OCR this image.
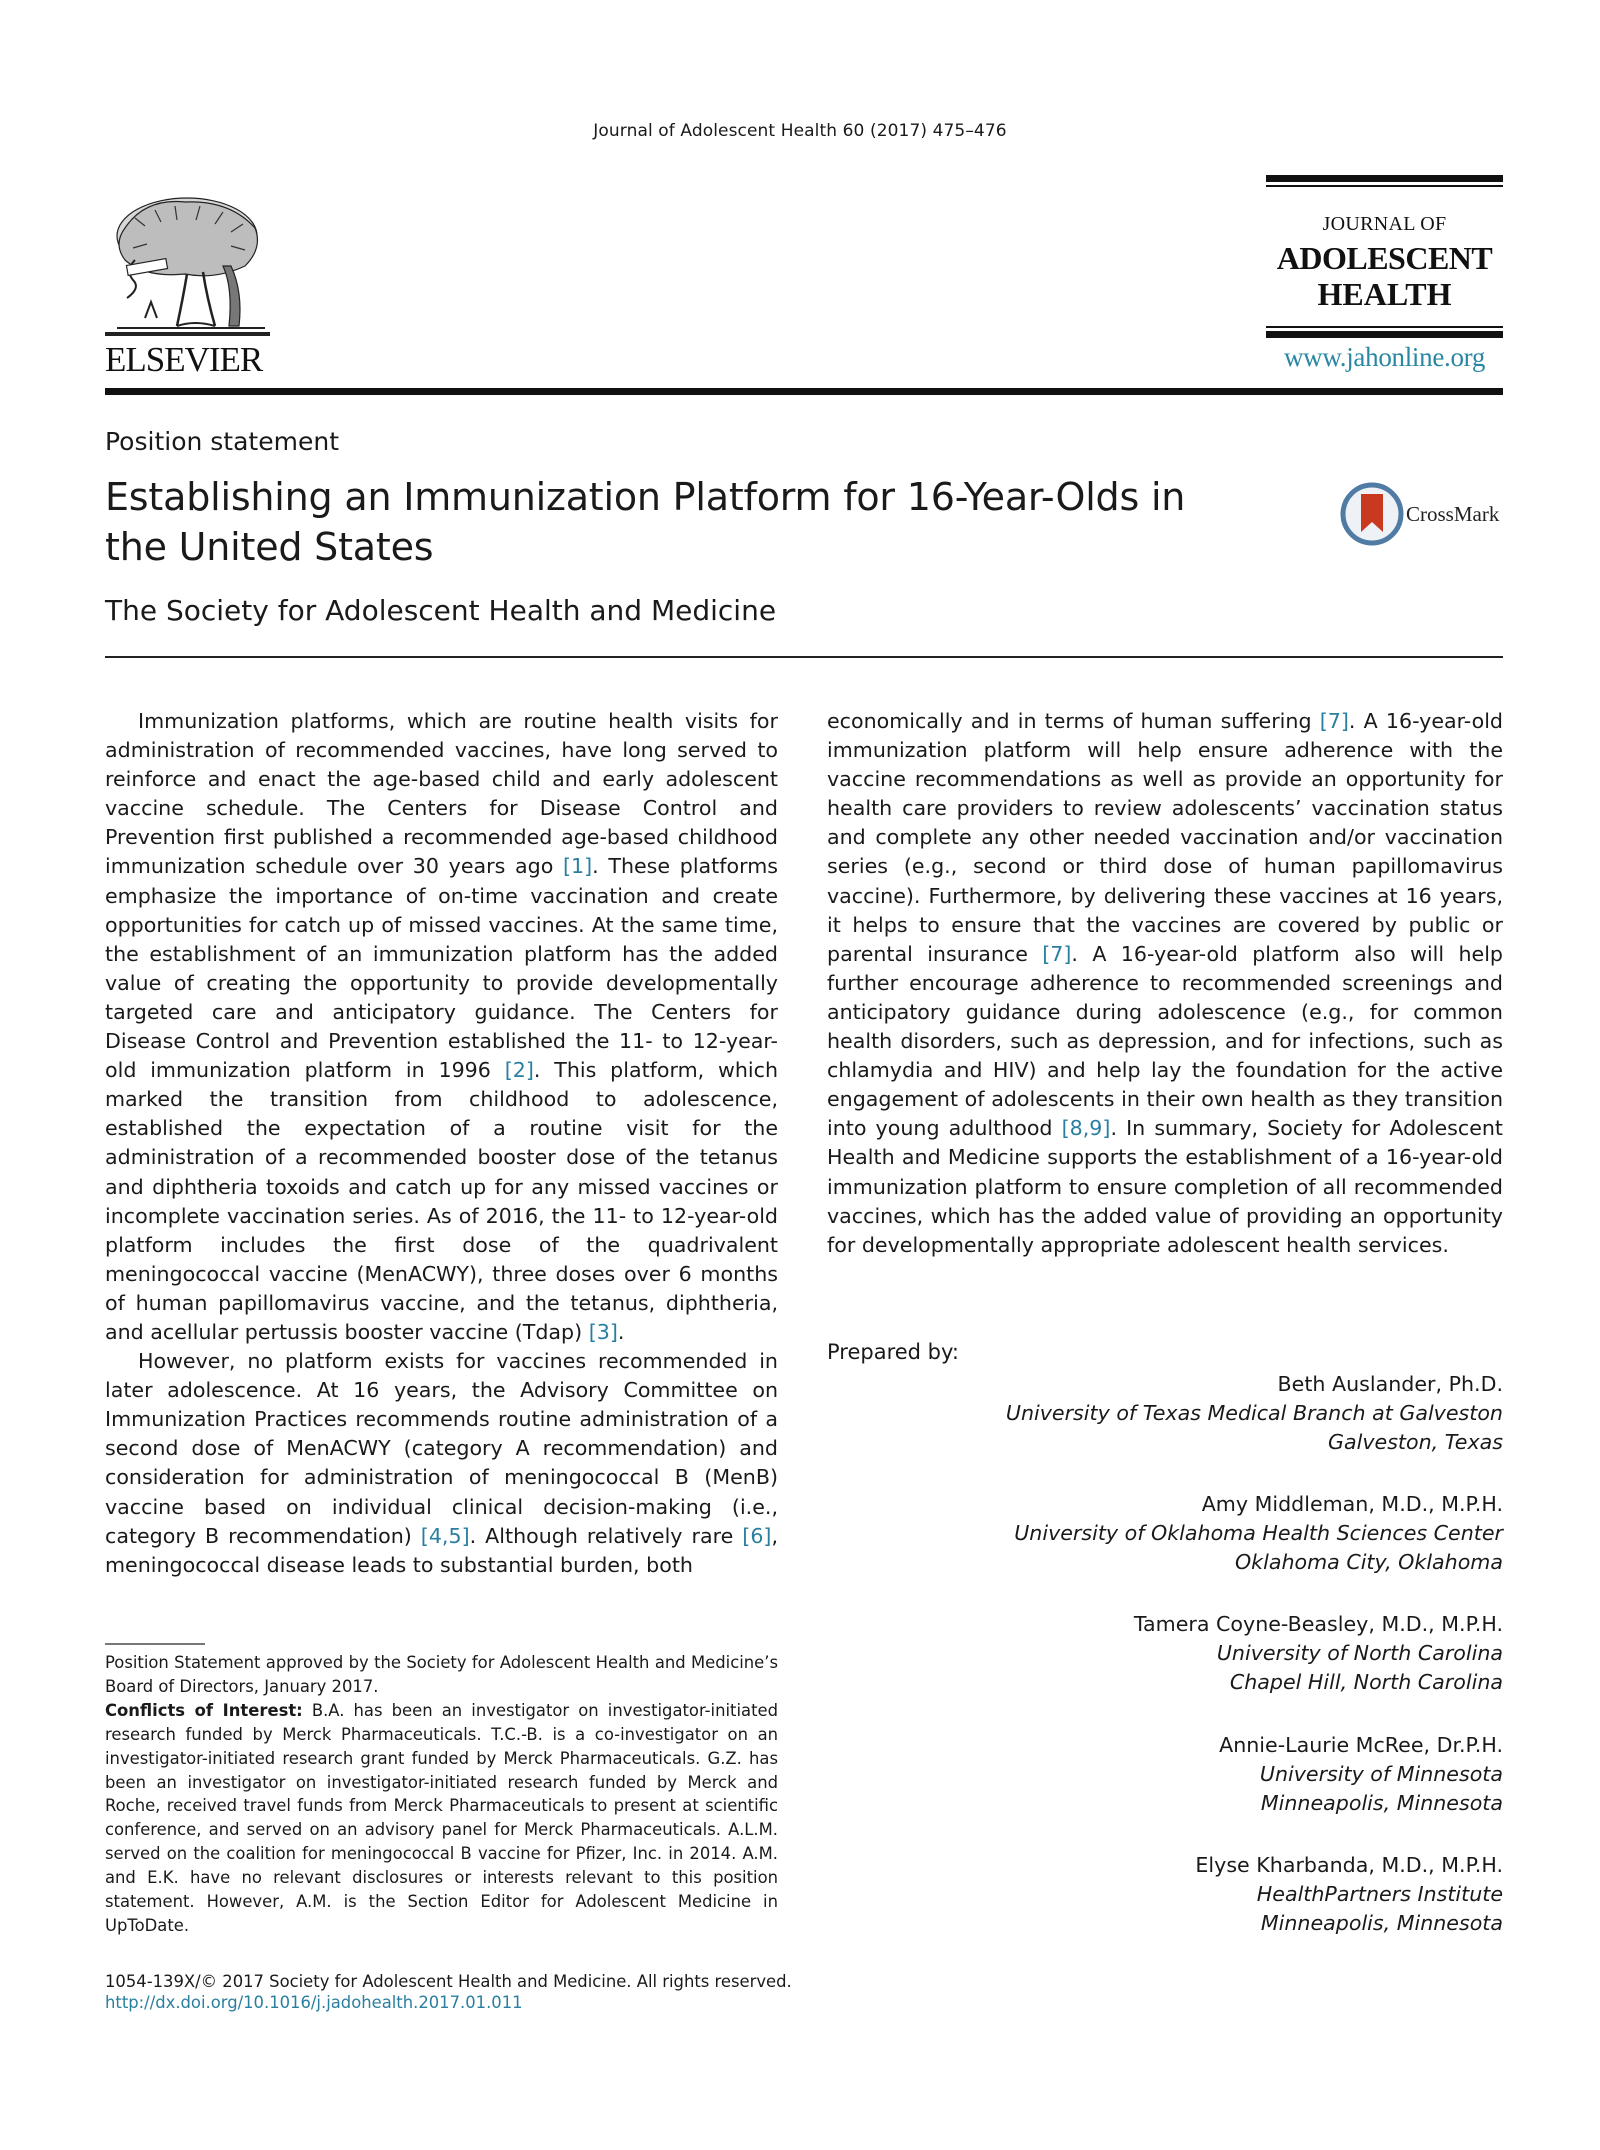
Journal of Adolescent Health 60 (2017) 475–476
ELSEVIER
JOURNAL OF
ADOLESCENT
HEALTH
www.jahonline.org
Position statement
Establishing an Immunization Platform for 16-Year-Olds in the United States
CrossMark
The Society for Adolescent Health and Medicine

Immunization platforms, which are routine health visits for administration of recommended vaccines, have long served to reinforce and enact the age-based child and early adolescent vaccine schedule. The Centers for Disease Control and Prevention first published a recommended age-based childhood immunization schedule over 30 years ago [1]. These platforms emphasize the importance of on-time vaccination and create opportunities for catch up of missed vaccines. At the same time, the establishment of an immunization platform has the added value of creating the opportunity to provide developmentally targeted care and anticipatory guidance. The Centers for Disease Control and Prevention established the 11- to 12-year-old immunization platform in 1996 [2]. This platform, which marked the transition from childhood to adolescence, established the expectation of a routine visit for the administration of a recommended booster dose of the tetanus and diphtheria toxoids and catch up for any missed vaccines or incomplete vaccination series. As of 2016, the 11- to 12-year-old platform includes the first dose of the quadrivalent meningococcal vaccine (MenACWY), three doses over 6 months of human papillomavirus vaccine, and the tetanus, diphtheria, and acellular pertussis booster vaccine (Tdap) [3].

However, no platform exists for vaccines recommended in later adolescence. At 16 years, the Advisory Committee on Immunization Practices recommends routine administration of a second dose of MenACWY (category A recommendation) and consideration for administration of meningococcal B (MenB) vaccine based on individual clinical decision-making (i.e., category B recommendation) [4,5]. Although relatively rare [6], meningococcal disease leads to substantial burden, both

economically and in terms of human suffering [7]. A 16-year-old immunization platform will help ensure adherence with the vaccine recommendations as well as provide an opportunity for health care providers to review adolescents’ vaccination status and complete any other needed vaccination and/or vaccination series (e.g., second or third dose of human papillomavirus vaccine). Furthermore, by delivering these vaccines at 16 years, it helps to ensure that the vaccines are covered by public or parental insurance [7]. A 16-year-old platform also will help further encourage adherence to recommended screenings and anticipatory guidance during adolescence (e.g., for common health disorders, such as depression, and for infections, such as chlamydia and HIV) and help lay the foundation for the active engagement of adolescents in their own health as they transition into young adulthood [8,9]. In summary, Society for Adolescent Health and Medicine supports the establishment of a 16-year-old immunization platform to ensure completion of all recommended vaccines, which has the added value of providing an opportunity for developmentally appropriate adolescent health services.

Prepared by:
Beth Auslander, Ph.D.
University of Texas Medical Branch at Galveston
Galveston, Texas
Amy Middleman, M.D., M.P.H.
University of Oklahoma Health Sciences Center
Oklahoma City, Oklahoma
Tamera Coyne-Beasley, M.D., M.P.H.
University of North Carolina
Chapel Hill, North Carolina
Annie-Laurie McRee, Dr.P.H.
University of Minnesota
Minneapolis, Minnesota
Elyse Kharbanda, M.D., M.P.H.
HealthPartners Institute
Minneapolis, Minnesota

Position Statement approved by the Society for Adolescent Health and Medicine’s Board of Directors, January 2017.

Conflicts of Interest: B.A. has been an investigator on investigator-initiated research funded by Merck Pharmaceuticals. T.C.-B. is a co-investigator on an investigator-initiated research grant funded by Merck Pharmaceuticals. G.Z. has been an investigator on investigator-initiated research funded by Merck and Roche, received travel funds from Merck Pharmaceuticals to present at scientific conference, and served on an advisory panel for Merck Pharmaceuticals. A.L.M. served on the coalition for meningococcal B vaccine for Pfizer, Inc. in 2014. A.M. and E.K. have no relevant disclosures or interests relevant to this position statement. However, A.M. is the Section Editor for Adolescent Medicine in UpToDate.

1054-139X/© 2017 Society for Adolescent Health and Medicine. All rights reserved.
http://dx.doi.org/10.1016/j.jadohealth.2017.01.011
